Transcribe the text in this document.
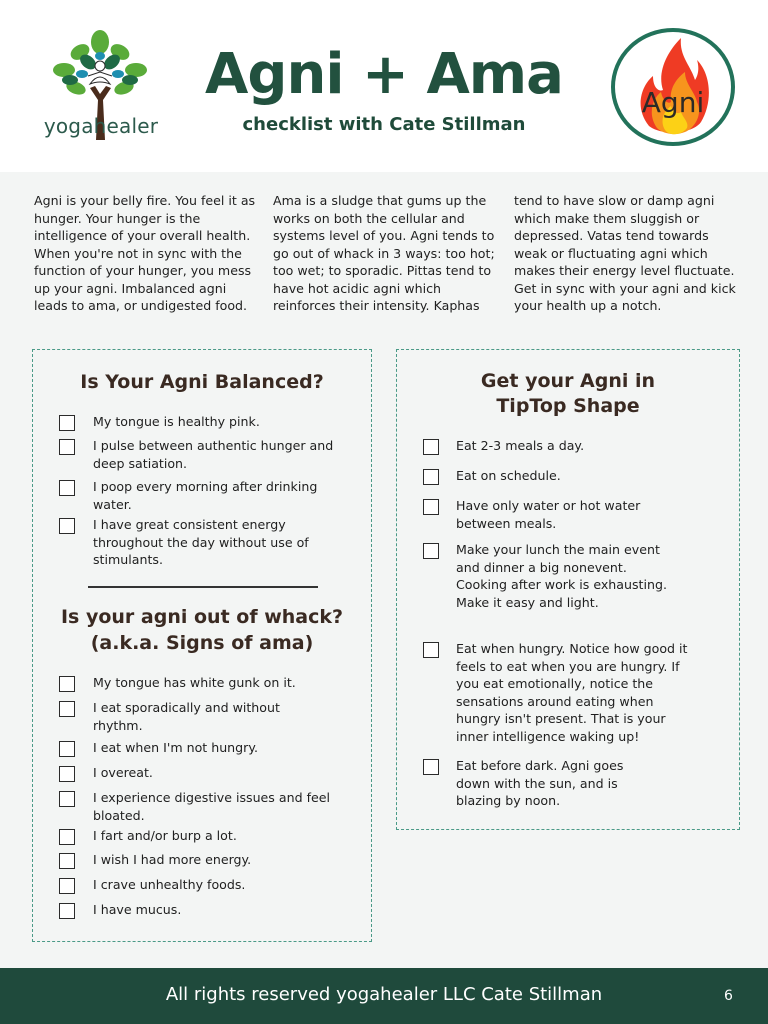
yogahealer
Agni + Ama
checklist with Cate Stillman
Agni
Agni is your belly fire. You feel it as hunger. Your hunger is the intelligence of your overall health. When you're not in sync with the function of your hunger, you mess up your agni. Imbalanced agni leads to ama, or undigested food.
Ama is a sludge that gums up the works on both the cellular and systems level of you. Agni tends to go out of whack in 3 ways: too hot; too wet; to sporadic. Pittas tend to have hot acidic agni which reinforces their intensity. Kaphas
tend to have slow or damp agni which make them sluggish or depressed. Vatas tend towards weak or fluctuating agni which makes their energy level fluctuate. Get in sync with your agni and kick your health up a notch.
Is Your Agni Balanced?
My tongue is healthy pink.
I pulse between authentic hunger and deep satiation.
I poop every morning after drinking water.
I have great consistent energy throughout the day without use of stimulants.
Is your agni out of whack?
(a.k.a. Signs of ama)
My tongue has white gunk on it.
I eat sporadically and without rhythm.
I eat when I'm not hungry.
I overeat.
I experience digestive issues and feel bloated.
I fart and/or burp a lot.
I wish I had more energy.
I crave unhealthy foods.
I have mucus.
Get your Agni in
TipTop Shape
Eat 2-3 meals a day.
Eat on schedule.
Have only water or hot water between meals.
Make your lunch the main event and dinner a big nonevent. Cooking after work is exhausting. Make it easy and light.
Eat when hungry. Notice how good it feels to eat when you are hungry. If you eat emotionally, notice the sensations around eating when hungry isn't present. That is your inner intelligence waking up!
Eat before dark. Agni goes down with the sun, and is blazing by noon.
All rights reserved yogahealer LLC Cate Stillman	6
